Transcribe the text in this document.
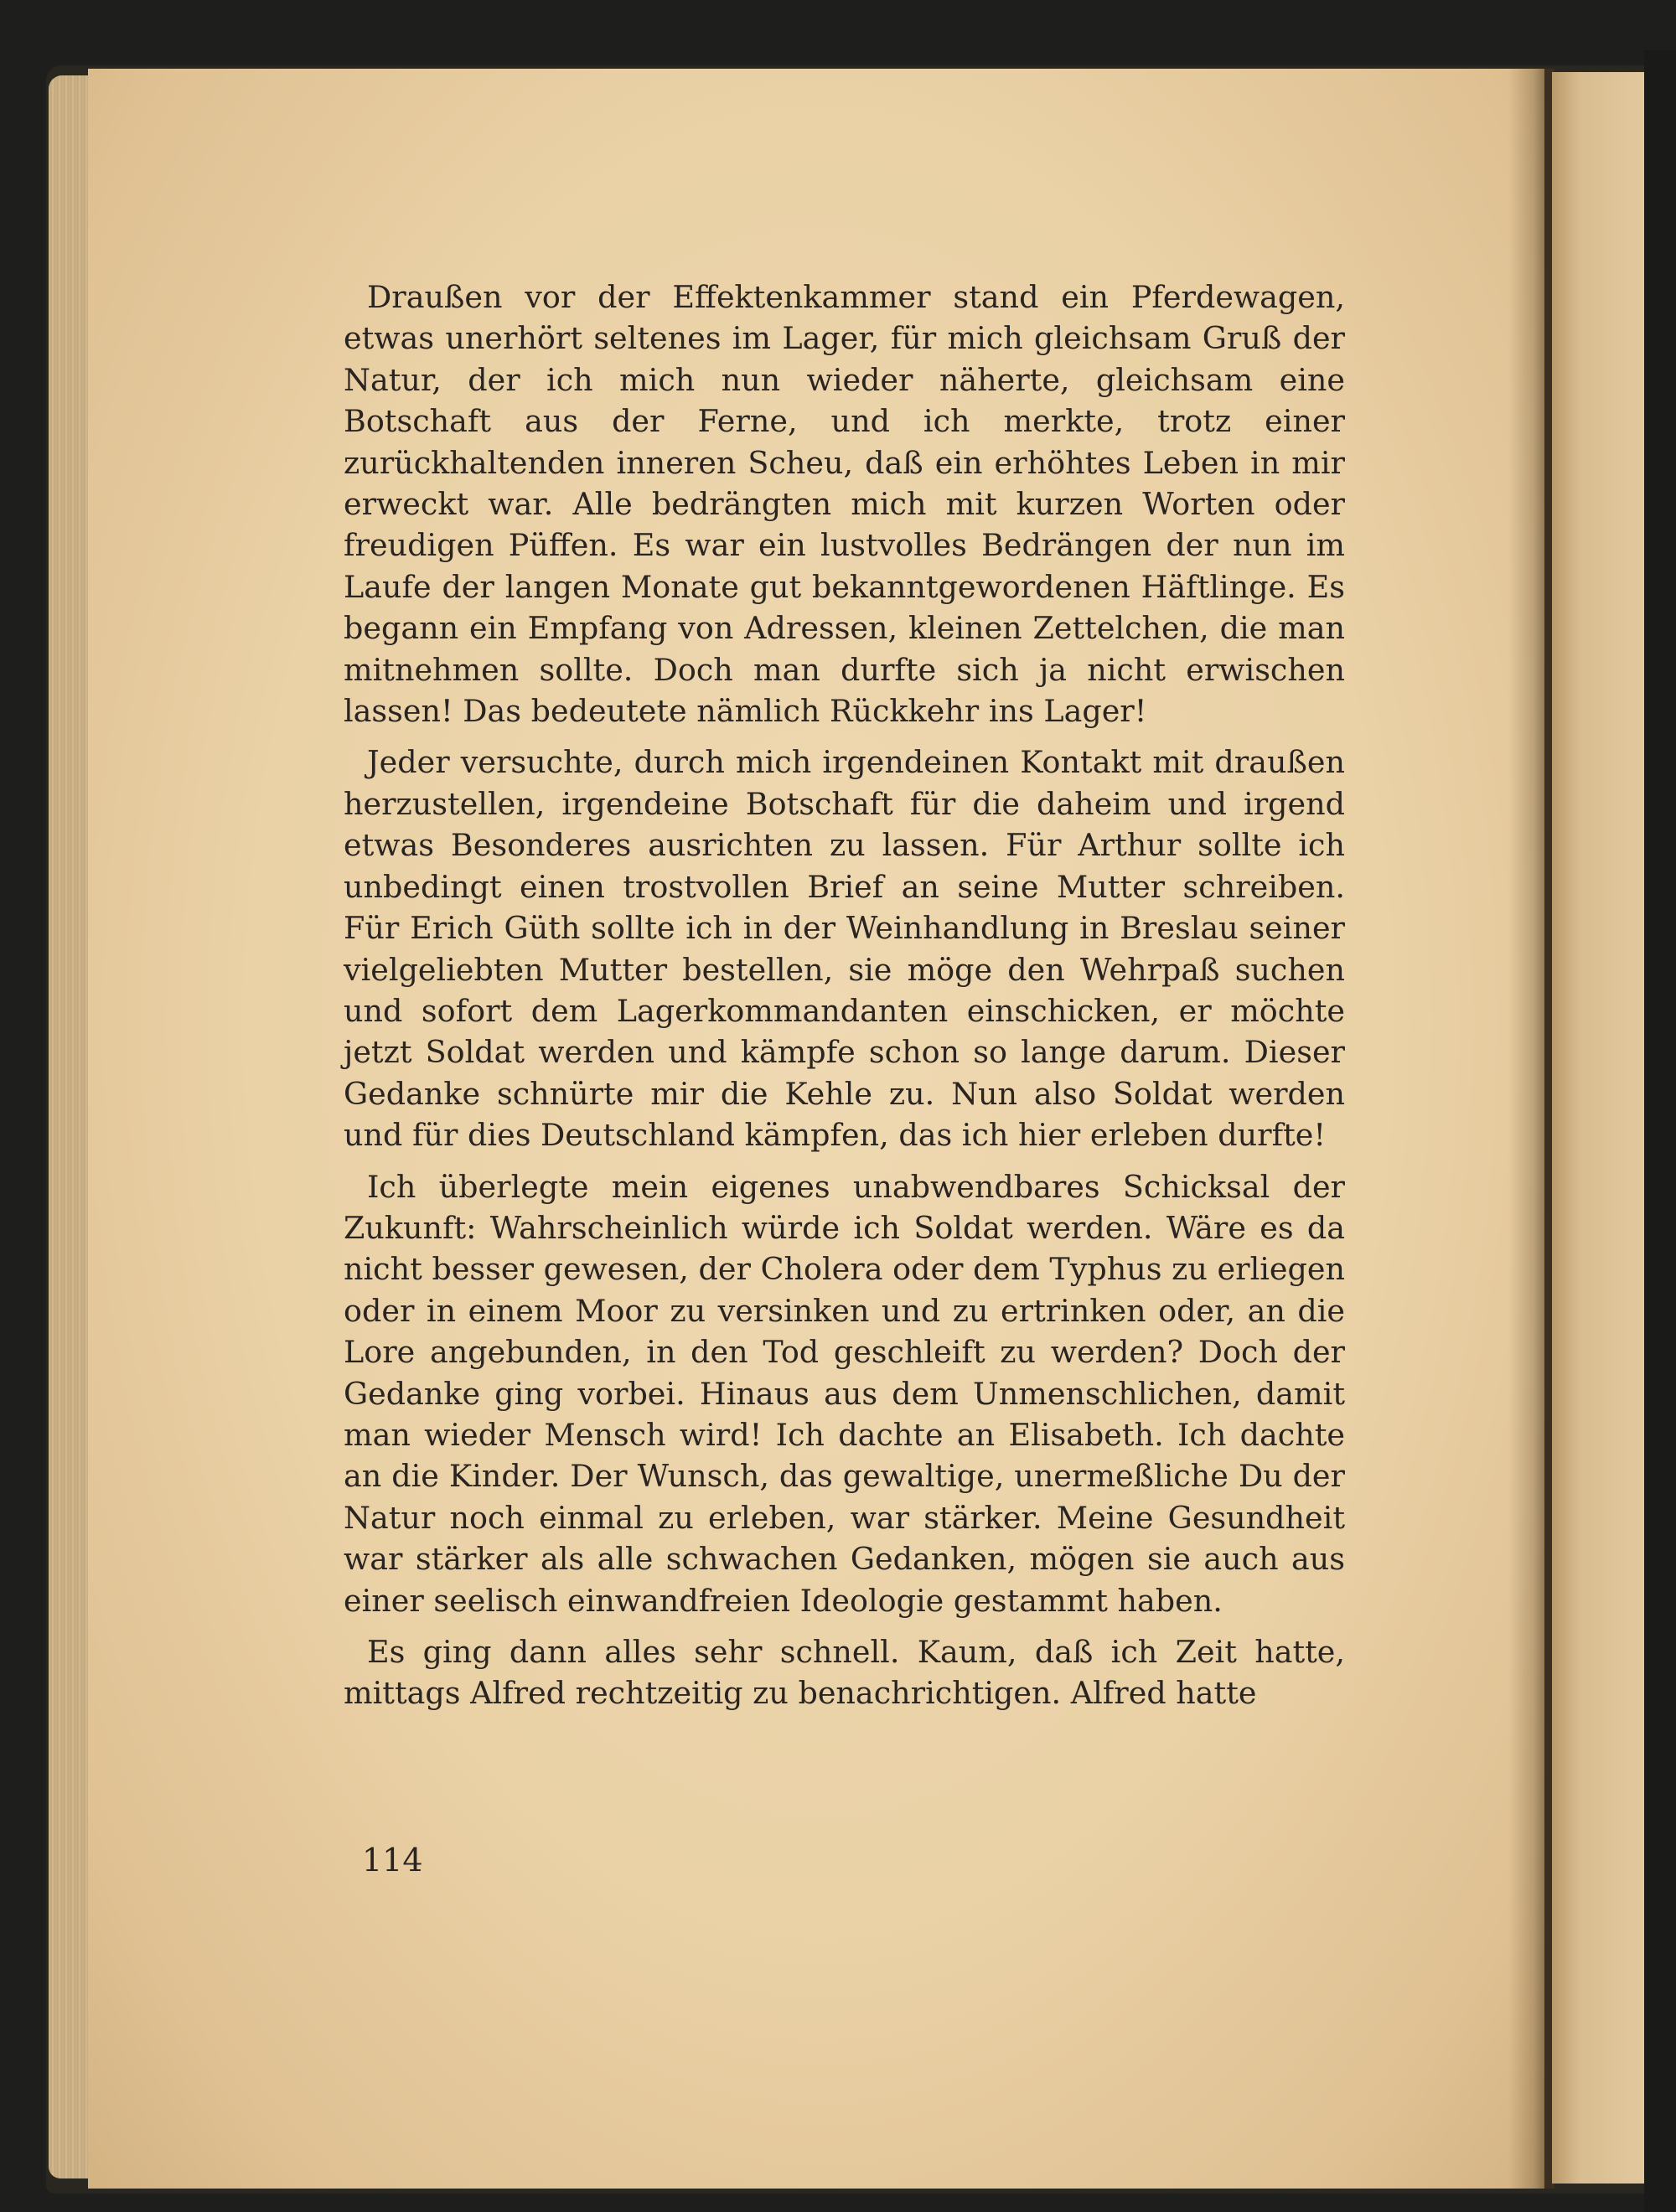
Draußen vor der Effektenkammer stand ein Pferdewagen, etwas unerhört seltenes im Lager, für mich gleichsam Gruß der Natur, der ich mich nun wieder näherte, gleichsam eine Botschaft aus der Ferne, und ich merkte, trotz einer zurückhaltenden inneren Scheu, daß ein erhöhtes Leben in mir erweckt war. Alle bedrängten mich mit kurzen Worten oder freudigen Püffen. Es war ein lustvolles Bedrängen der nun im Laufe der langen Monate gut bekanntgewordenen Häftlinge. Es begann ein Empfang von Adressen, kleinen Zettelchen, die man mitnehmen sollte. Doch man durfte sich ja nicht erwischen lassen! Das bedeutete nämlich Rückkehr ins Lager!

Jeder versuchte, durch mich irgendeinen Kontakt mit draußen herzustellen, irgendeine Botschaft für die daheim und irgend etwas Besonderes ausrichten zu lassen. Für Arthur sollte ich unbedingt einen trostvollen Brief an seine Mutter schreiben. Für Erich Güth sollte ich in der Weinhandlung in Breslau seiner vielgeliebten Mutter bestellen, sie möge den Wehrpaß suchen und sofort dem Lagerkommandanten einschicken, er möchte jetzt Soldat werden und kämpfe schon so lange darum. Dieser Gedanke schnürte mir die Kehle zu. Nun also Soldat werden und für dies Deutschland kämpfen, das ich hier erleben durfte!

Ich überlegte mein eigenes unabwendbares Schicksal der Zukunft: Wahrscheinlich würde ich Soldat werden. Wäre es da nicht besser gewesen, der Cholera oder dem Typhus zu erliegen oder in einem Moor zu versinken und zu ertrinken oder, an die Lore angebunden, in den Tod geschleift zu werden? Doch der Gedanke ging vorbei. Hinaus aus dem Unmenschlichen, damit man wieder Mensch wird! Ich dachte an Elisabeth. Ich dachte an die Kinder. Der Wunsch, das gewaltige, unermeßliche Du der Natur noch einmal zu erleben, war stärker. Meine Gesundheit war stärker als alle schwachen Gedanken, mögen sie auch aus einer seelisch einwandfreien Ideologie gestammt haben.

Es ging dann alles sehr schnell. Kaum, daß ich Zeit hatte, mittags Alfred rechtzeitig zu benachrichtigen. Alfred hatte

114
